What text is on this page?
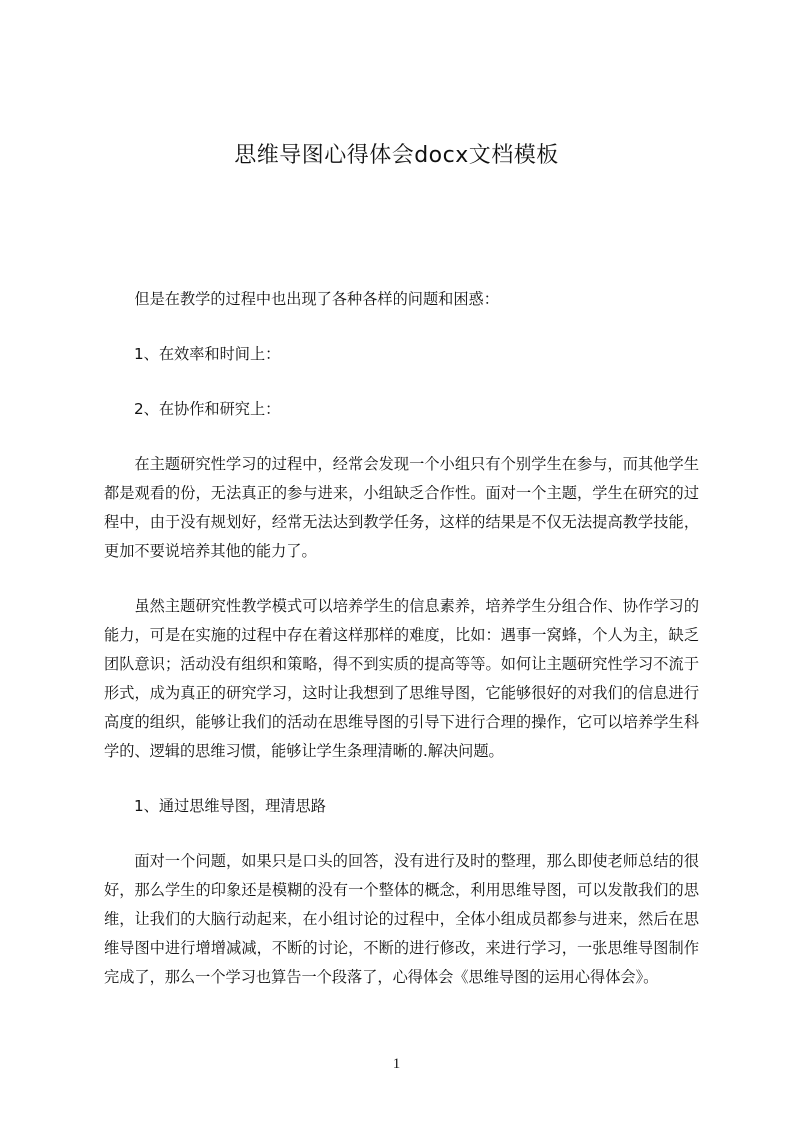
思维导图心得体会docx文档模板

但是在教学的过程中也出现了各种各样的问题和困惑：

1、在效率和时间上：

2、在协作和研究上：

在主题研究性学习的过程中，经常会发现一个小组只有个别学生在参与，而其他学生都是观看的份，无法真正的参与进来，小组缺乏合作性。面对一个主题，学生在研究的过程中，由于没有规划好，经常无法达到教学任务，这样的结果是不仅无法提高教学技能，更加不要说培养其他的能力了。

虽然主题研究性教学模式可以培养学生的信息素养，培养学生分组合作、协作学习的能力，可是在实施的过程中存在着这样那样的难度，比如：遇事一窝蜂，个人为主，缺乏团队意识；活动没有组织和策略，得不到实质的提高等等。如何让主题研究性学习不流于形式，成为真正的研究学习，这时让我想到了思维导图，它能够很好的对我们的信息进行高度的组织，能够让我们的活动在思维导图的引导下进行合理的操作，它可以培养学生科学的、逻辑的思维习惯，能够让学生条理清晰的.解决问题。

1、通过思维导图，理清思路

面对一个问题，如果只是口头的回答，没有进行及时的整理，那么即使老师总结的很好，那么学生的印象还是模糊的没有一个整体的概念，利用思维导图，可以发散我们的思维，让我们的大脑行动起来，在小组讨论的过程中，全体小组成员都参与进来，然后在思维导图中进行增增减减，不断的讨论，不断的进行修改，来进行学习，一张思维导图制作完成了，那么一个学习也算告一个段落了，心得体会《思维导图的运用心得体会》。

1
